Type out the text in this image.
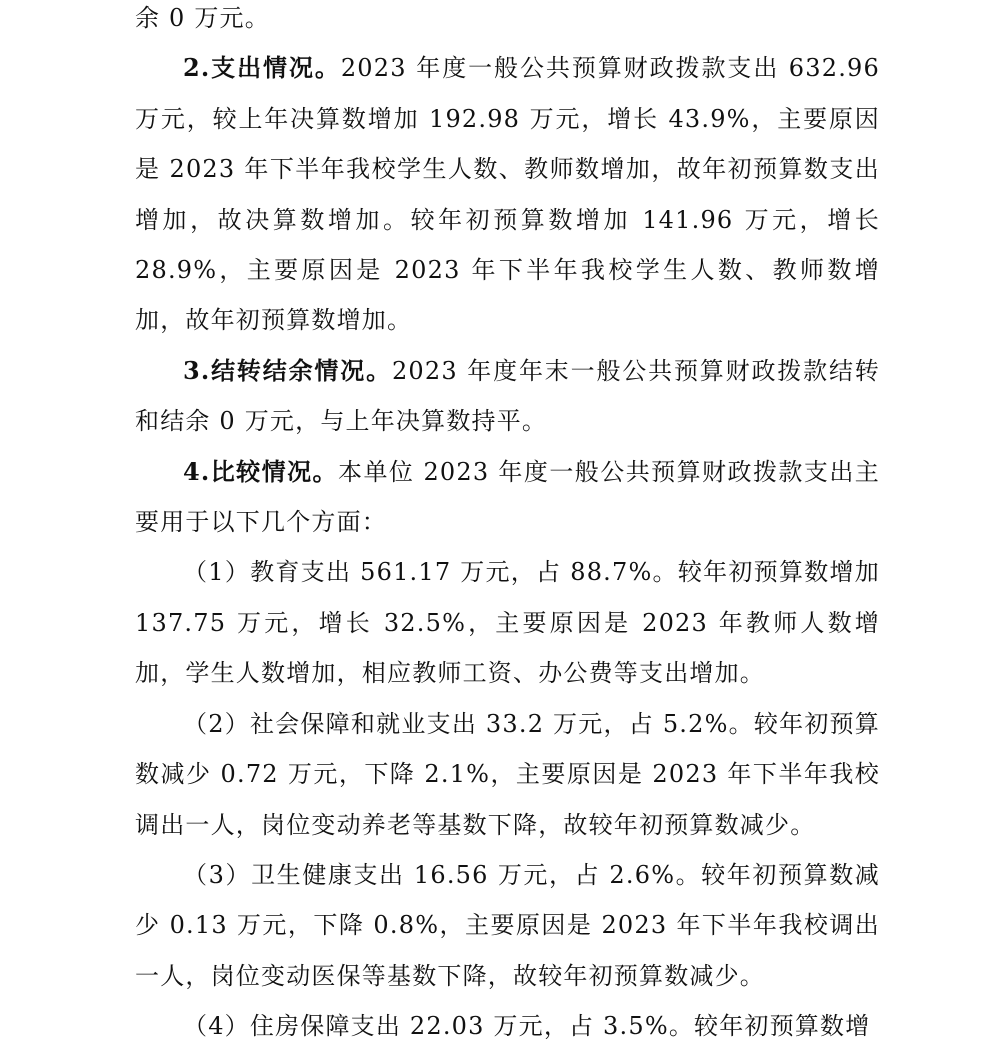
余 0 万元。

2.支出情况。2023 年度一般公共预算财政拨款支出 632.96 万元，较上年决算数增加 192.98 万元，增长 43.9%，主要原因是 2023 年下半年我校学生人数、教师数增加，故年初预算数支出增加，故决算数增加。较年初预算数增加 141.96 万元，增长 28.9%，主要原因是 2023 年下半年我校学生人数、教师数增加，故年初预算数增加。

3.结转结余情况。2023 年度年末一般公共预算财政拨款结转和结余 0 万元，与上年决算数持平。

4.比较情况。本单位 2023 年度一般公共预算财政拨款支出主要用于以下几个方面：

（1）教育支出 561.17 万元，占 88.7%。较年初预算数增加 137.75 万元，增长 32.5%，主要原因是 2023 年教师人数增加，学生人数增加，相应教师工资、办公费等支出增加。

（2）社会保障和就业支出 33.2 万元，占 5.2%。较年初预算数减少 0.72 万元，下降 2.1%，主要原因是 2023 年下半年我校调出一人，岗位变动养老等基数下降，故较年初预算数减少。

（3）卫生健康支出 16.56 万元，占 2.6%。较年初预算数减少 0.13 万元，下降 0.8%，主要原因是 2023 年下半年我校调出一人，岗位变动医保等基数下降，故较年初预算数减少。

（4）住房保障支出 22.03 万元，占 3.5%。较年初预算数增
